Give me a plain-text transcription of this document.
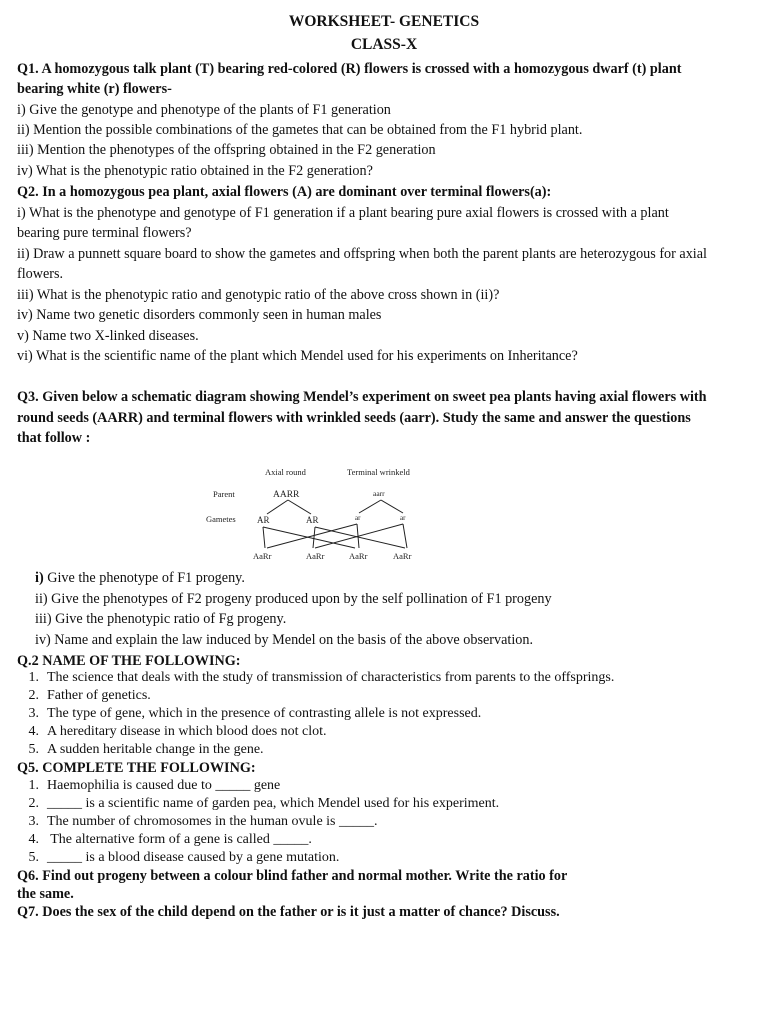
WORKSHEET- GENETICS
CLASS-X
Q1. A homozygous talk plant (T) bearing red-colored (R) flowers is crossed with a homozygous dwarf (t) plant
bearing white (r) flowers-
i) Give the genotype and phenotype of the plants of F1 generation
ii) Mention the possible combinations of the gametes that can be obtained from the F1 hybrid plant.
iii) Mention the phenotypes of the offspring obtained in the F2 generation
iv) What is the phenotypic ratio obtained in the F2 generation?
Q2. In a homozygous pea plant, axial flowers (A) are dominant over terminal flowers(a):
i) What is the phenotype and genotype of F1 generation if a plant bearing pure axial flowers is crossed with a plant
bearing pure terminal flowers?
ii) Draw a punnett square board to show the gametes and offspring when both the parent plants are heterozygous for axial
flowers.
iii) What is the phenotypic ratio and genotypic ratio of the above cross shown in (ii)?
iv) Name two genetic disorders commonly seen in human males
v) Name two X-linked diseases.
vi) What is the scientific name of the plant which Mendel used for his experiments on Inheritance?
Q3. Given below a schematic diagram showing Mendel’s experiment on sweet pea plants having axial flowers with
round seeds (AARR) and terminal flowers with wrinkled seeds (aarr). Study the same and answer the questions
that follow :
Axial round	Terminal wrinkeld
Parent	AARR	aarr
Gametes AR	AR	ar	ar
AaRr	AaRr	AaRr	AaRr
i) Give the phenotype of F1 progeny.
ii) Give the phenotypes of F2 progeny produced upon by the self pollination of F1 progeny
iii) Give the phenotypic ratio of Fg progeny.
iv) Name and explain the law induced by Mendel on the basis of the above observation.
Q.2 NAME OF THE FOLLOWING:
1. The science that deals with the study of transmission of characteristics from parents to the offsprings.
2. Father of genetics.
3. The type of gene, which in the presence of contrasting allele is not expressed.
4. A hereditary disease in which blood does not clot.
5. A sudden heritable change in the gene.
Q5. COMPLETE THE FOLLOWING:
1. Haemophilia is caused due to _____ gene
2. _____ is a scientific name of garden pea, which Mendel used for his experiment.
3. The number of chromosomes in the human ovule is _____.
4. The alternative form of a gene is called _____.
5. _____ is a blood disease caused by a gene mutation.
Q6. Find out progeny between a colour blind father and normal mother. Write the ratio for
the same.
Q7. Does the sex of the child depend on the father or is it just a matter of chance? Discuss.
